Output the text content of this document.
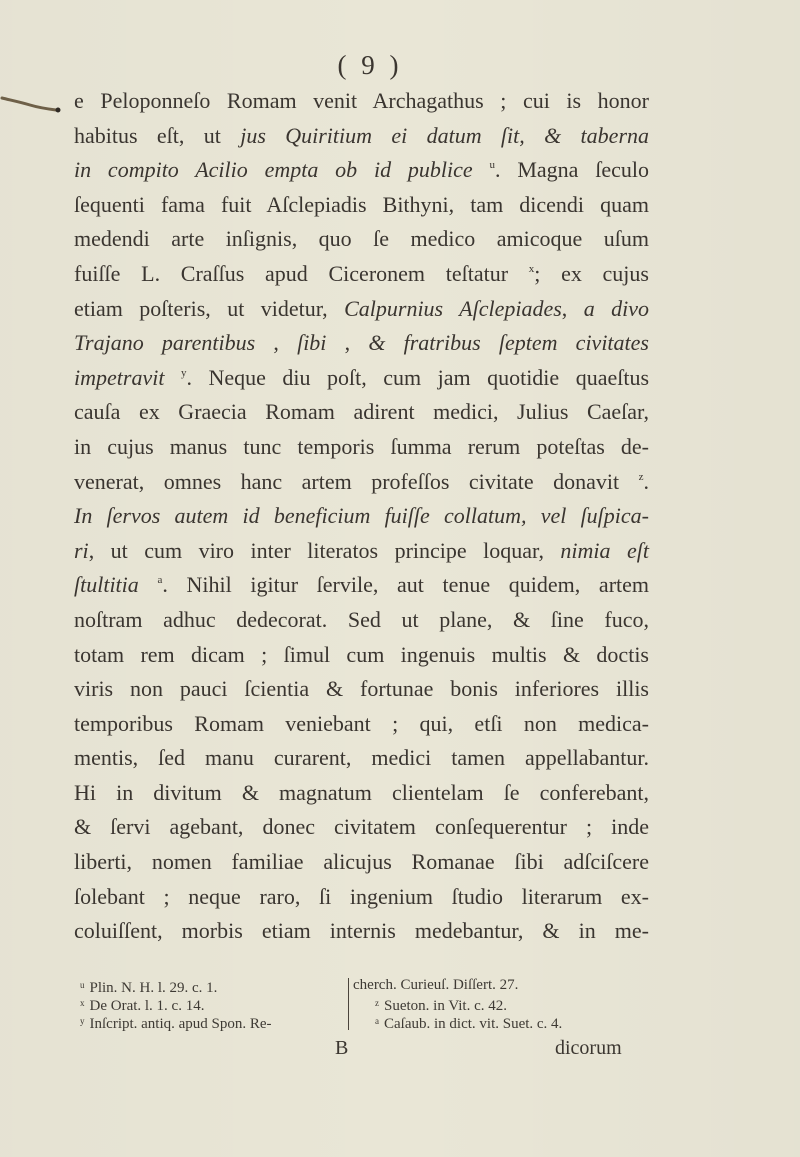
( 9 )
e Peloponneſo Romam venit Archagathus ; cui is honor
habitus eſt, ut jus Quiritium ei datum ſit, & taberna
in compito Acilio empta ob id publice $^u$. Magna ſeculo
ſequenti fama fuit Aſclepiadis Bithyni, tam dicendi quam
medendi arte inſignis, quo ſe medico amicoque uſum
fuiſſe L. Craſſus apud Ciceronem teſtatur $^x$; ex cujus
etiam poſteris, ut videtur, Calpurnius Aſclepiades, a divo
Trajano parentibus , ſibi , & fratribus ſeptem civitates
impetravit $^y$. Neque diu poſt, cum jam quotidie quaeſtus
cauſa ex Graecia Romam adirent medici, Julius Caeſar,
in cujus manus tunc temporis ſumma rerum poteſtas de-
venerat, omnes hanc artem profeſſos civitate donavit $^z$.
In ſervos autem id beneficium fuiſſe collatum, vel ſuſpica-
ri, ut cum viro inter literatos principe loquar, nimia eſt
ſtultitia $^a$. Nihil igitur ſervile, aut tenue quidem, artem
noſtram adhuc dedecorat. Sed ut plane, & ſine fuco,
totam rem dicam ; ſimul cum ingenuis multis & doctis
viris non pauci ſcientia & fortunae bonis inferiores illis
temporibus Romam veniebant ; qui, etſi non medica-
mentis, ſed manu curarent, medici tamen appellabantur.
Hi in divitum & magnatum clientelam ſe conferebant,
& ſervi agebant, donec civitatem conſequerentur ; inde
liberti, nomen familiae alicujus Romanae ſibi adſciſcere
ſolebant ; neque raro, ſi ingenium ſtudio literarum ex-
coluiſſent, morbis etiam internis medebantur, & in me-
$^u$ Plin. N. H. l. 29. c. 1.
$^x$ De Orat. l. 1. c. 14.
$^y$ Inſcript. antiq. apud Spon. Re-
cherch. Curieuſ. Diſſert. 27.
$^z$ Sueton. in Vit. c. 42.
$^a$ Caſaub. in dict. vit. Suet. c. 4.
B	dicorum
